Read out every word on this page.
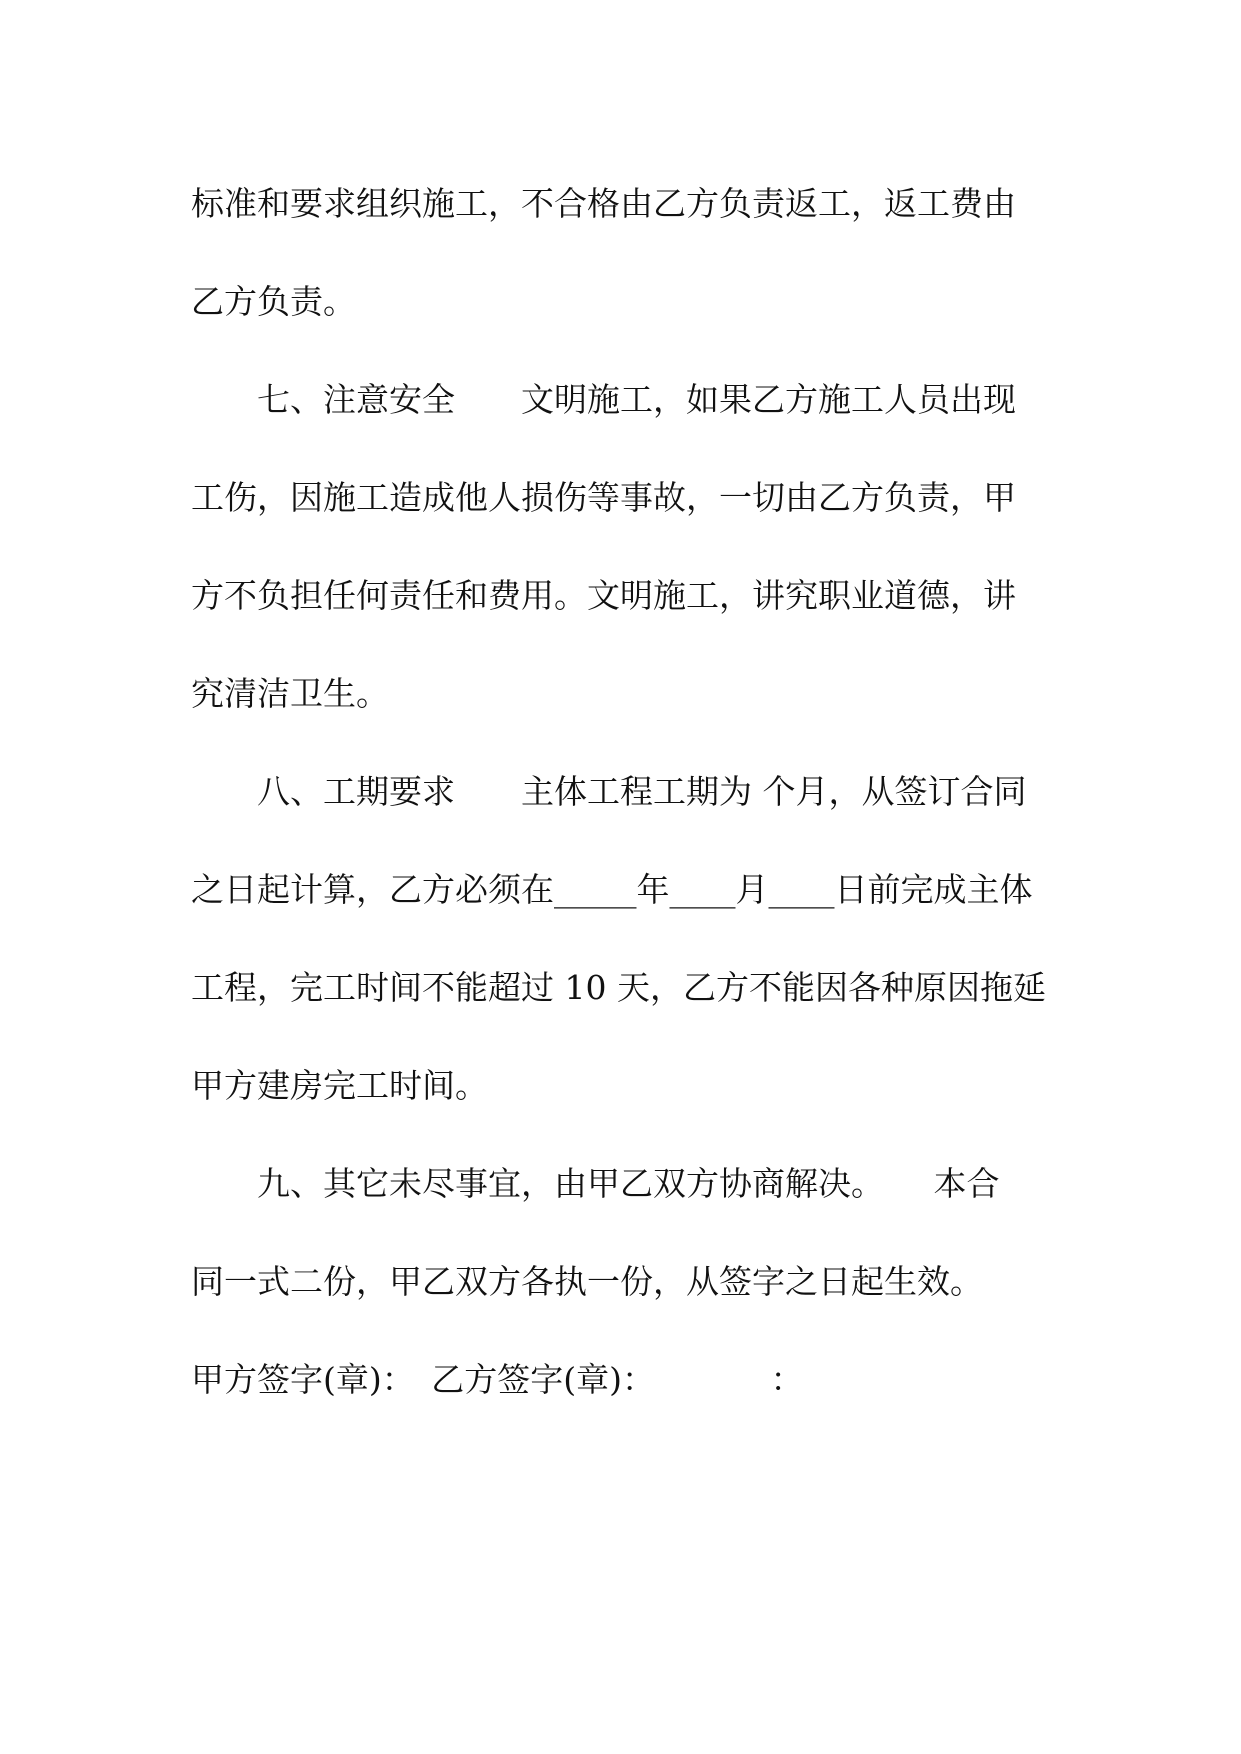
标准和要求组织施工，不合格由乙方负责返工，返工费由

乙方负责。

七、注意安全　　文明施工，如果乙方施工人员出现

工伤，因施工造成他人损伤等事故，一切由乙方负责，甲

方不负担任何责任和费用。文明施工，讲究职业道德，讲

究清洁卫生。

八、工期要求　　主体工程工期为 个月，从签订合同

之日起计算，乙方必须在_____年____月____日前完成主体

工程，完工时间不能超过 10 天，乙方不能因各种原因拖延

甲方建房完工时间。

九、其它未尽事宜，由甲乙双方协商解决。　　本合

同一式二份，甲乙双方各执一份，从签字之日起生效。

甲方签字(章)：　乙方签字(章)：　　　　：
